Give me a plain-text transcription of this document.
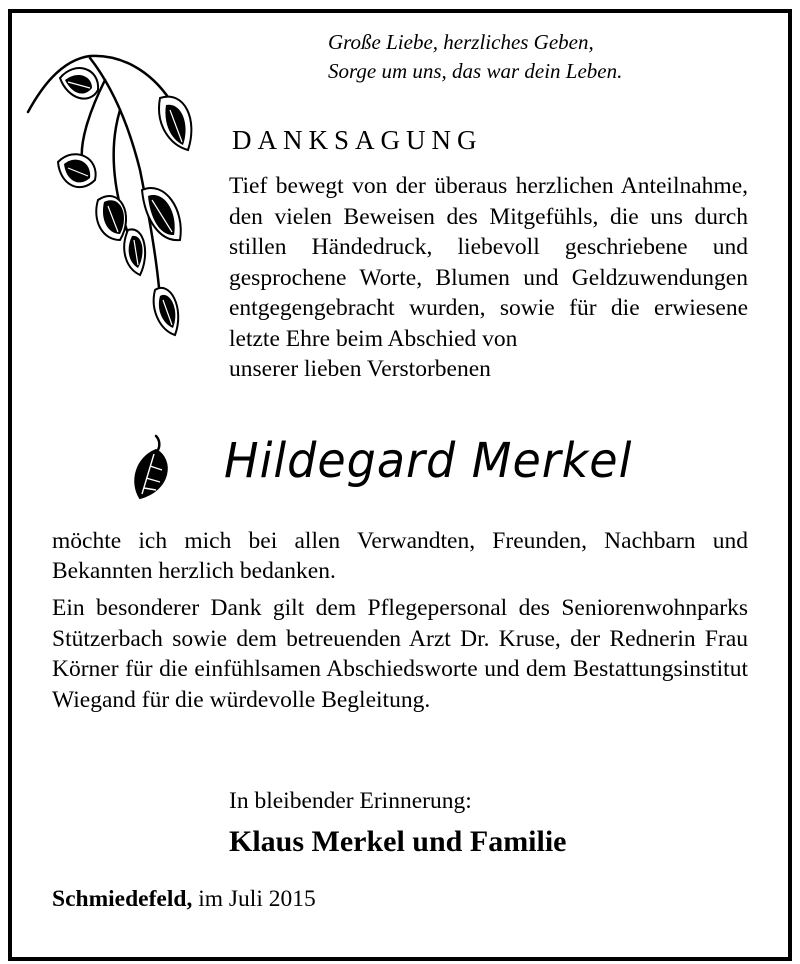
Große Liebe, herzliches Geben,
Sorge um uns, das war dein Leben.
DANKSAGUNG
Tief bewegt von der überaus herzlichen Anteilnahme, den vielen Beweisen des Mitgefühls, die uns durch stillen Händedruck, liebevoll geschriebene und gesprochene Worte, Blumen und Geldzuwendungen entgegengebracht wurden, sowie für die erwiesene letzte Ehre beim Abschied von
unserer lieben Verstorbenen
Hildegard Merkel
möchte ich mich bei allen Verwandten, Freunden, Nachbarn und Bekannten herzlich bedanken.
Ein besonderer Dank gilt dem Pflegepersonal des Seniorenwohnparks Stützerbach sowie dem betreuenden Arzt Dr. Kruse, der Rednerin Frau Körner für die einfühlsamen Abschiedsworte und dem Bestattungsinstitut Wiegand für die würdevolle Begleitung.
In bleibender Erinnerung:
Klaus Merkel und Familie
Schmiedefeld, im Juli 2015
